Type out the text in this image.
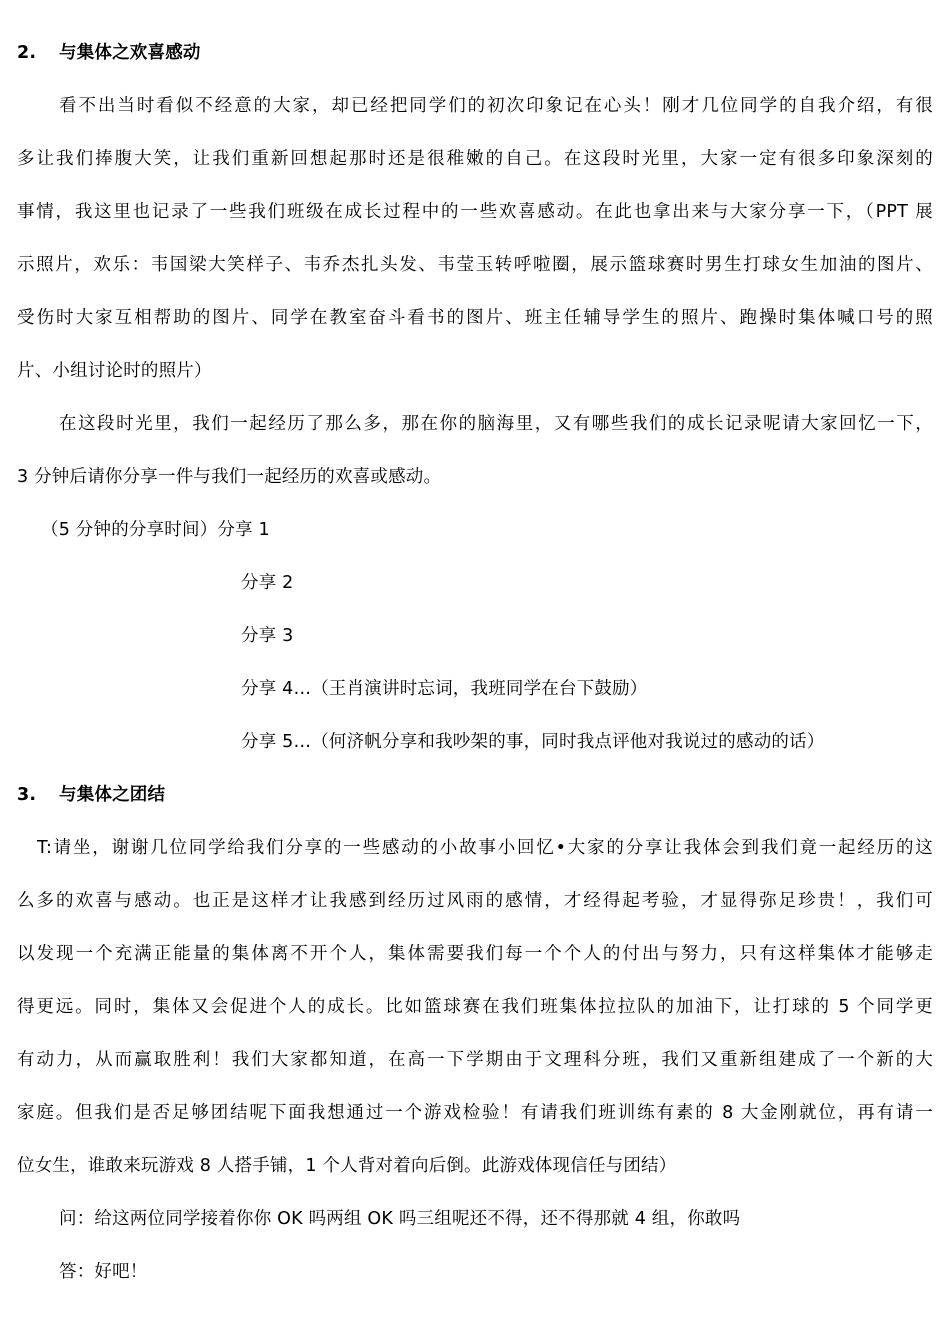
2. 与集体之欢喜感动
看不出当时看似不经意的大家，却已经把同学们的初次印象记在心头！刚才几位同学的自我介绍，有很
多让我们捧腹大笑，让我们重新回想起那时还是很稚嫩的自己。在这段时光里，大家一定有很多印象深刻的
事情，我这里也记录了一些我们班级在成长过程中的一些欢喜感动。在此也拿出来与大家分享一下，（PPT 展
示照片，欢乐：韦国梁大笑样子、韦乔杰扎头发、韦莹玉转呼啦圈，展示篮球赛时男生打球女生加油的图片、
受伤时大家互相帮助的图片、同学在教室奋斗看书的图片、班主任辅导学生的照片、跑操时集体喊口号的照
片、小组讨论时的照片）
在这段时光里，我们一起经历了那么多，那在你的脑海里，又有哪些我们的成长记录呢请大家回忆一下，
3 分钟后请你分享一件与我们一起经历的欢喜或感动。
（5 分钟的分享时间）分享 1
分享 2
分享 3
分享 4…（王肖演讲时忘词，我班同学在台下鼓励）
分享 5…（何济帆分享和我吵架的事，同时我点评他对我说过的感动的话）
3. 与集体之团结
T:请坐，谢谢几位同学给我们分享的一些感动的小故事小回忆•大家的分享让我体会到我们竟一起经历的这
么多的欢喜与感动。也正是这样才让我感到经历过风雨的感情，才经得起考验，才显得弥足珍贵！，我们可
以发现一个充满正能量的集体离不开个人，集体需要我们每一个个人的付出与努力，只有这样集体才能够走
得更远。同时，集体又会促进个人的成长。比如篮球赛在我们班集体拉拉队的加油下，让打球的 5 个同学更
有动力，从而赢取胜利！我们大家都知道，在高一下学期由于文理科分班，我们又重新组建成了一个新的大
家庭。但我们是否足够团结呢下面我想通过一个游戏检验！有请我们班训练有素的 8 大金刚就位，再有请一
位女生，谁敢来玩游戏 8 人搭手铺，1 个人背对着向后倒。此游戏体现信任与团结）
问：给这两位同学接着你你 OK 吗两组 OK 吗三组呢还不得，还不得那就 4 组，你敢吗
答：好吧！
